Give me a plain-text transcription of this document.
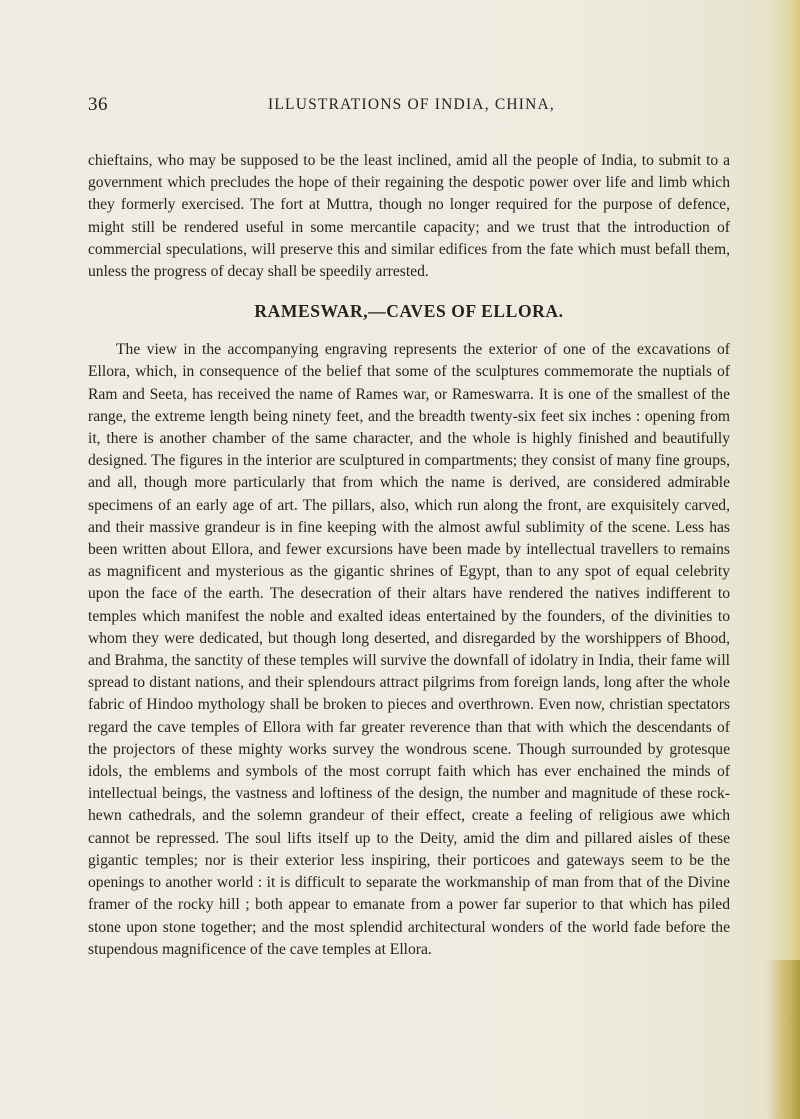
36	ILLUSTRATIONS OF INDIA, CHINA,

chieftains, who may be supposed to be the least inclined, amid all the people of India, to submit to a government which precludes the hope of their regaining the despotic power over life and limb which they formerly exercised. The fort at Muttra, though no longer required for the purpose of defence, might still be rendered useful in some mercantile capacity; and we trust that the introduction of commercial speculations, will preserve this and similar edifices from the fate which must befall them, unless the progress of decay shall be speedily arrested.

RAMESWAR,—CAVES OF ELLORA.

The view in the accompanying engraving represents the exterior of one of the excavations of Ellora, which, in consequence of the belief that some of the sculptures commemorate the nuptials of Ram and Seeta, has received the name of Rames war, or Rameswarra. It is one of the smallest of the range, the extreme length being ninety feet, and the breadth twenty-six feet six inches : opening from it, there is another chamber of the same character, and the whole is highly finished and beautifully designed. The figures in the interior are sculptured in compartments; they consist of many fine groups, and all, though more particularly that from which the name is derived, are considered admirable specimens of an early age of art. The pillars, also, which run along the front, are exquisitely carved, and their massive grandeur is in fine keeping with the almost awful sublimity of the scene. Less has been written about Ellora, and fewer excursions have been made by intellectual travellers to remains as magnificent and mysterious as the gigantic shrines of Egypt, than to any spot of equal celebrity upon the face of the earth. The desecration of their altars have rendered the natives indifferent to temples which manifest the noble and exalted ideas entertained by the founders, of the divinities to whom they were dedicated, but though long deserted, and disregarded by the worshippers of Bhood, and Brahma, the sanctity of these temples will survive the downfall of idolatry in India, their fame will spread to distant nations, and their splendours attract pilgrims from foreign lands, long after the whole fabric of Hindoo mythology shall be broken to pieces and overthrown. Even now, christian spectators regard the cave temples of Ellora with far greater reverence than that with which the descendants of the projectors of these mighty works survey the wondrous scene. Though surrounded by grotesque idols, the emblems and symbols of the most corrupt faith which has ever enchained the minds of intellectual beings, the vastness and loftiness of the design, the number and magnitude of these rock-hewn cathedrals, and the solemn grandeur of their effect, create a feeling of religious awe which cannot be repressed. The soul lifts itself up to the Deity, amid the dim and pillared aisles of these gigantic temples; nor is their exterior less inspiring, their porticoes and gateways seem to be the openings to another world : it is difficult to separate the workmanship of man from that of the Divine framer of the rocky hill ; both appear to emanate from a power far superior to that which has piled stone upon stone together; and the most splendid architectural wonders of the world fade before the stupendous magnificence of the cave temples at Ellora.
